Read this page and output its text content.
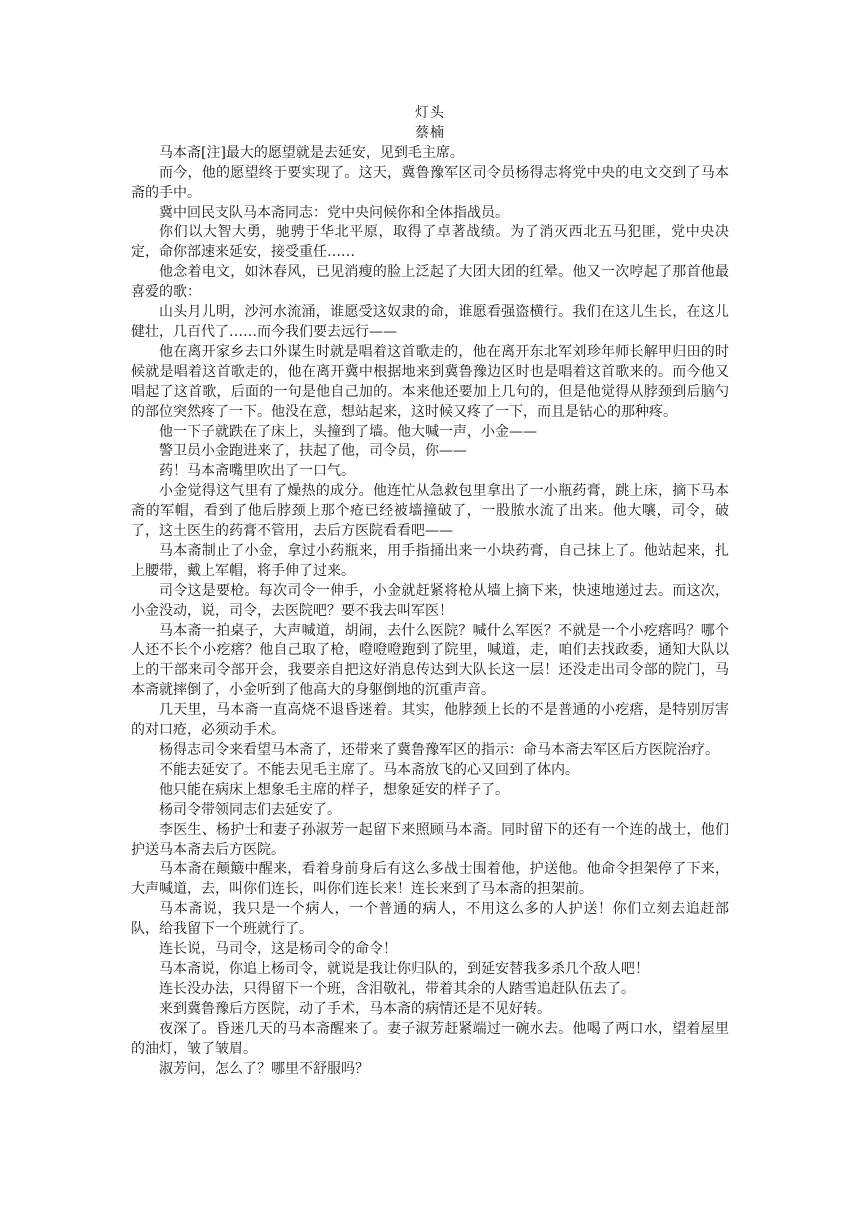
灯头

蔡楠

马本斋[注]最大的愿望就是去延安，见到毛主席。

而今，他的愿望终于要实现了。这天，冀鲁豫军区司令员杨得志将党中央的电文交到了马本斋的手中。

冀中回民支队马本斋同志：党中央问候你和全体指战员。

你们以大智大勇，驰骋于华北平原，取得了卓著战绩。为了消灭西北五马犯匪，党中央决定，命你部速来延安，接受重任……

他念着电文，如沐春风，已见消瘦的脸上泛起了大团大团的红晕。他又一次哼起了那首他最喜爱的歌：

山头月儿明，沙河水流涌，谁愿受这奴隶的命，谁愿看强盗横行。我们在这儿生长，在这儿健壮，几百代了……而今我们要去远行——

他在离开家乡去口外谋生时就是唱着这首歌走的，他在离开东北军刘珍年师长解甲归田的时候就是唱着这首歌走的，他在离开冀中根据地来到冀鲁豫边区时也是唱着这首歌来的。而今他又唱起了这首歌，后面的一句是他自己加的。本来他还要加上几句的，但是他觉得从脖颈到后脑勺的部位突然疼了一下。他没在意，想站起来，这时候又疼了一下，而且是钻心的那种疼。

他一下子就跌在了床上，头撞到了墙。他大喊一声，小金——

警卫员小金跑进来了，扶起了他，司令员，你——

药！马本斋嘴里吹出了一口气。

小金觉得这气里有了燥热的成分。他连忙从急救包里拿出了一小瓶药膏，跳上床，摘下马本斋的军帽，看到了他后脖颈上那个疮已经被墙撞破了，一股脓水流了出来。他大嚷，司令，破了，这土医生的药膏不管用，去后方医院看看吧——

马本斋制止了小金，拿过小药瓶来，用手指捅出来一小块药膏，自己抹上了。他站起来，扎上腰带，戴上军帽，将手伸了过来。

司令这是要枪。每次司令一伸手，小金就赶紧将枪从墙上摘下来，快速地递过去。而这次，小金没动，说，司令，去医院吧？要不我去叫军医！

马本斋一拍桌子，大声喊道，胡闹，去什么医院？喊什么军医？不就是一个小疙瘩吗？哪个人还不长个小疙瘩？他自己取了枪，噔噔噔跑到了院里，喊道，走，咱们去找政委，通知大队以上的干部来司令部开会，我要亲自把这好消息传达到大队长这一层！还没走出司令部的院门，马本斋就摔倒了，小金听到了他高大的身躯倒地的沉重声音。

几天里，马本斋一直高烧不退昏迷着。其实，他脖颈上长的不是普通的小疙瘩，是特别厉害的对口疮，必须动手术。

杨得志司令来看望马本斋了，还带来了冀鲁豫军区的指示：命马本斋去军区后方医院治疗。

不能去延安了。不能去见毛主席了。马本斋放飞的心又回到了体内。

他只能在病床上想象毛主席的样子，想象延安的样子了。

杨司令带领同志们去延安了。

李医生、杨护士和妻子孙淑芳一起留下来照顾马本斋。同时留下的还有一个连的战士，他们护送马本斋去后方医院。

马本斋在颠簸中醒来，看着身前身后有这么多战士围着他，护送他。他命令担架停了下来，大声喊道，去，叫你们连长，叫你们连长来！连长来到了马本斋的担架前。

马本斋说，我只是一个病人，一个普通的病人，不用这么多的人护送！你们立刻去追赶部队，给我留下一个班就行了。

连长说，马司令，这是杨司令的命令！

马本斋说，你追上杨司令，就说是我让你归队的，到延安替我多杀几个敌人吧！

连长没办法，只得留下一个班，含泪敬礼，带着其余的人踏雪追赶队伍去了。

来到冀鲁豫后方医院，动了手术，马本斋的病情还是不见好转。

夜深了。昏迷几天的马本斋醒来了。妻子淑芳赶紧端过一碗水去。他喝了两口水，望着屋里的油灯，皱了皱眉。

淑芳问，怎么了？哪里不舒服吗？
